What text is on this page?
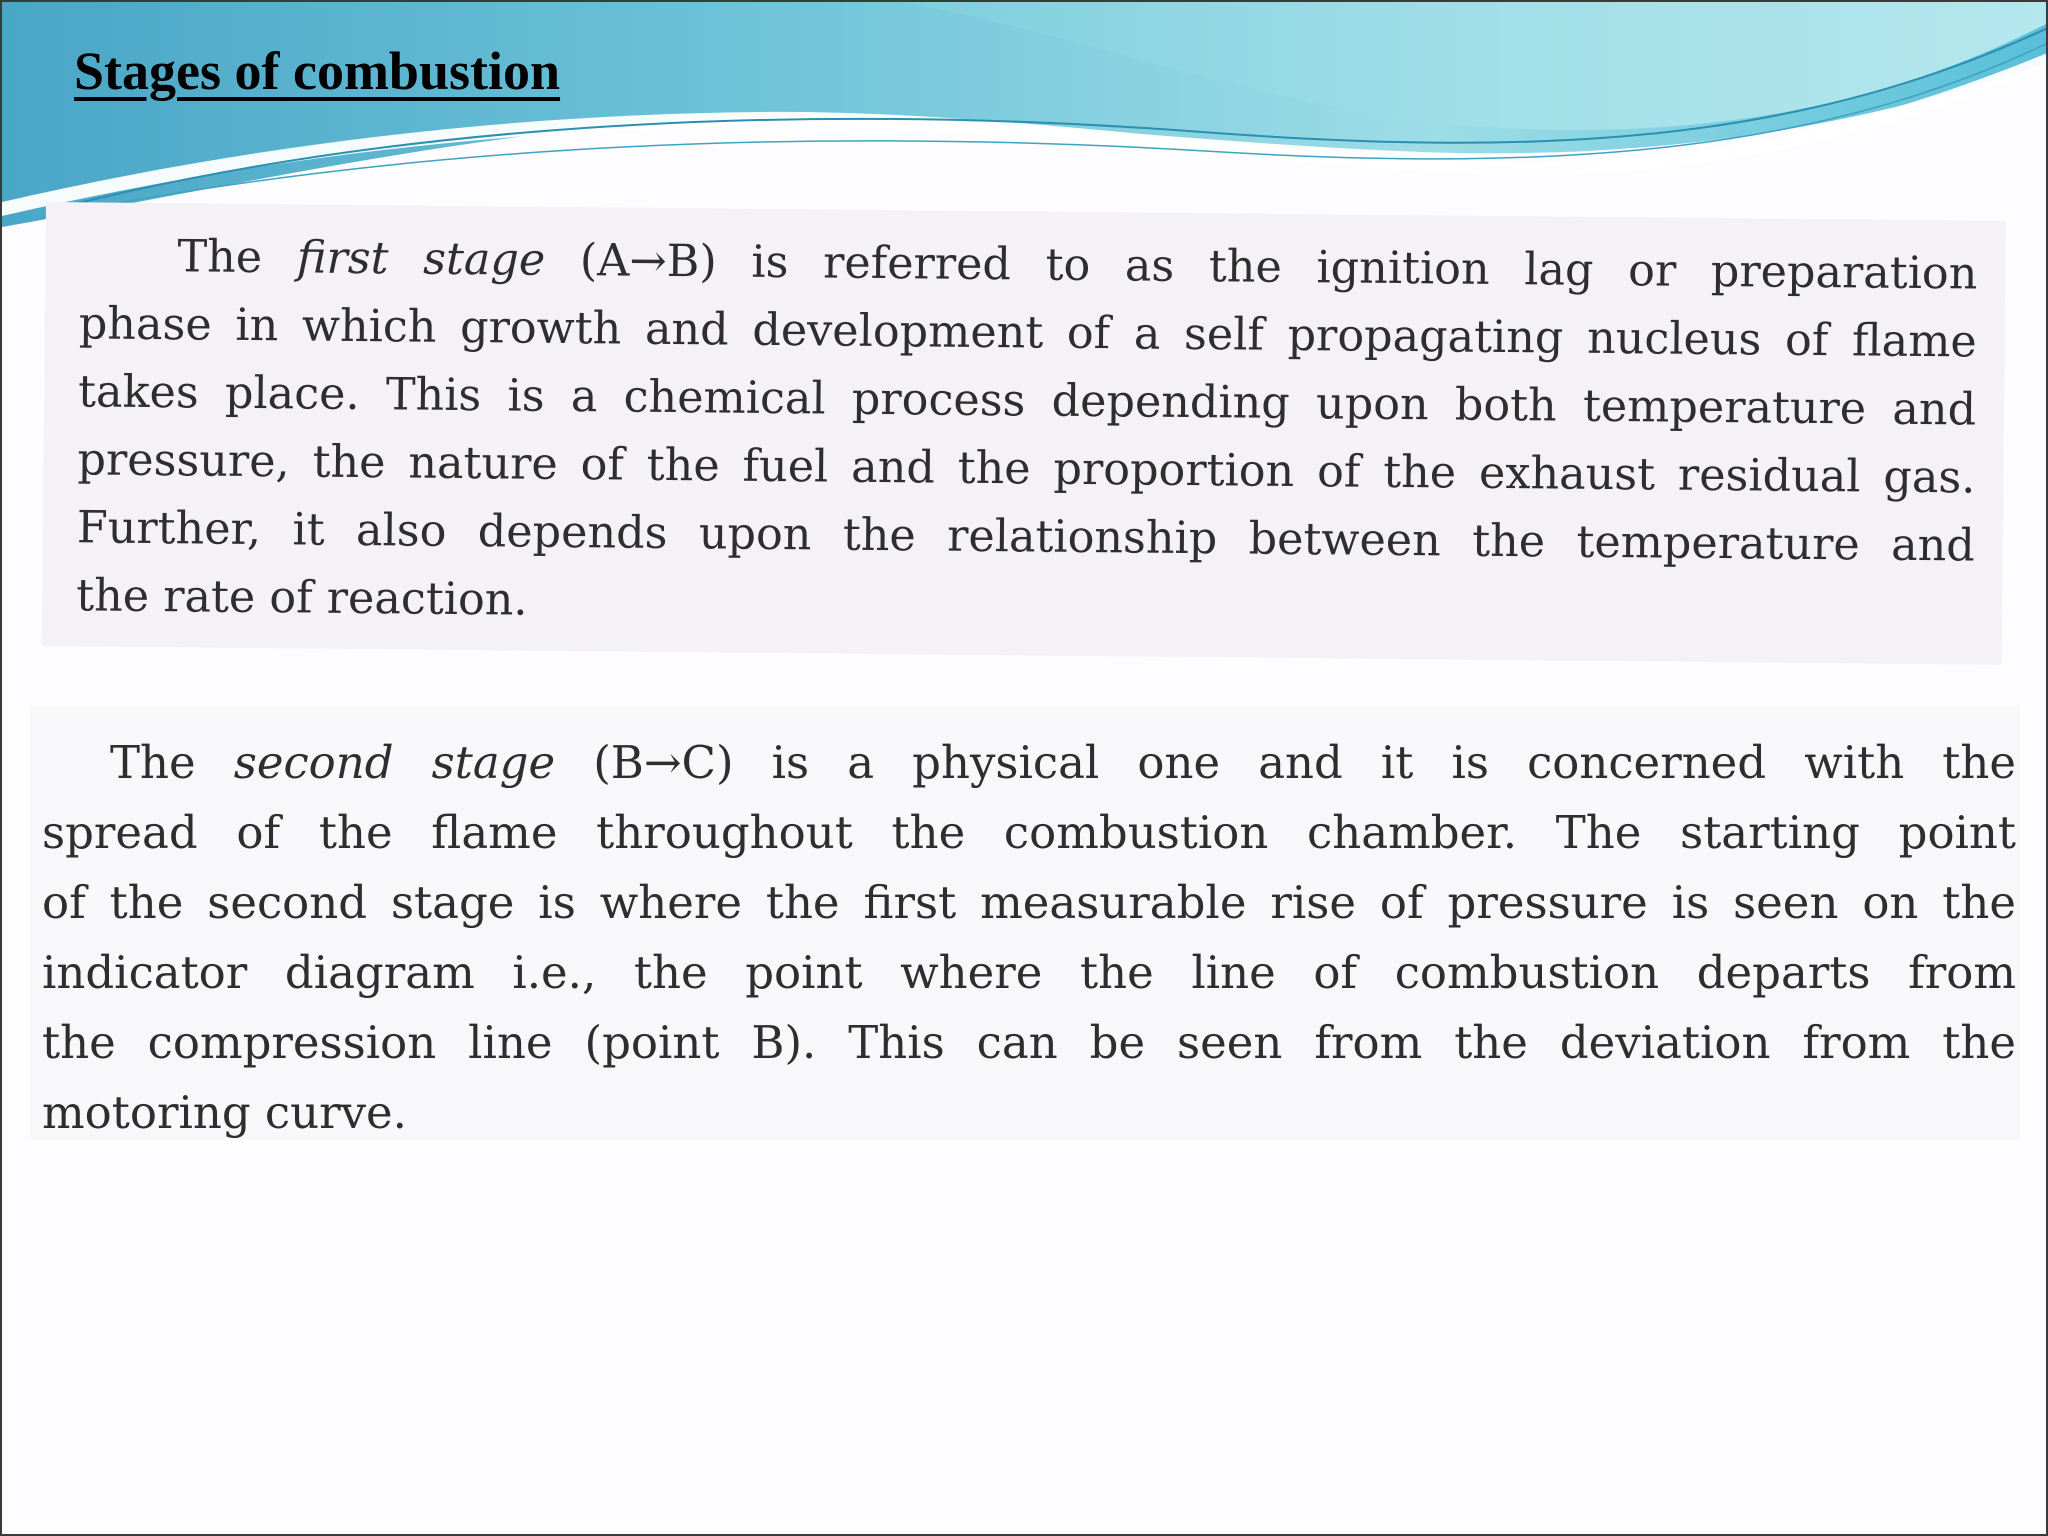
Stages of combustion
The first stage (A→B) is referred to as the ignition lag or preparation
phase in which growth and development of a self propagating nucleus of flame
takes place. This is a chemical process depending upon both temperature and
pressure, the nature of the fuel and the proportion of the exhaust residual gas.
Further, it also depends upon the relationship between the temperature and
the rate of reaction.
The second stage (B→C) is a physical one and it is concerned with the
spread of the flame throughout the combustion chamber. The starting point
of the second stage is where the first measurable rise of pressure is seen on the
indicator diagram i.e., the point where the line of combustion departs from
the compression line (point B). This can be seen from the deviation from the
motoring curve.
